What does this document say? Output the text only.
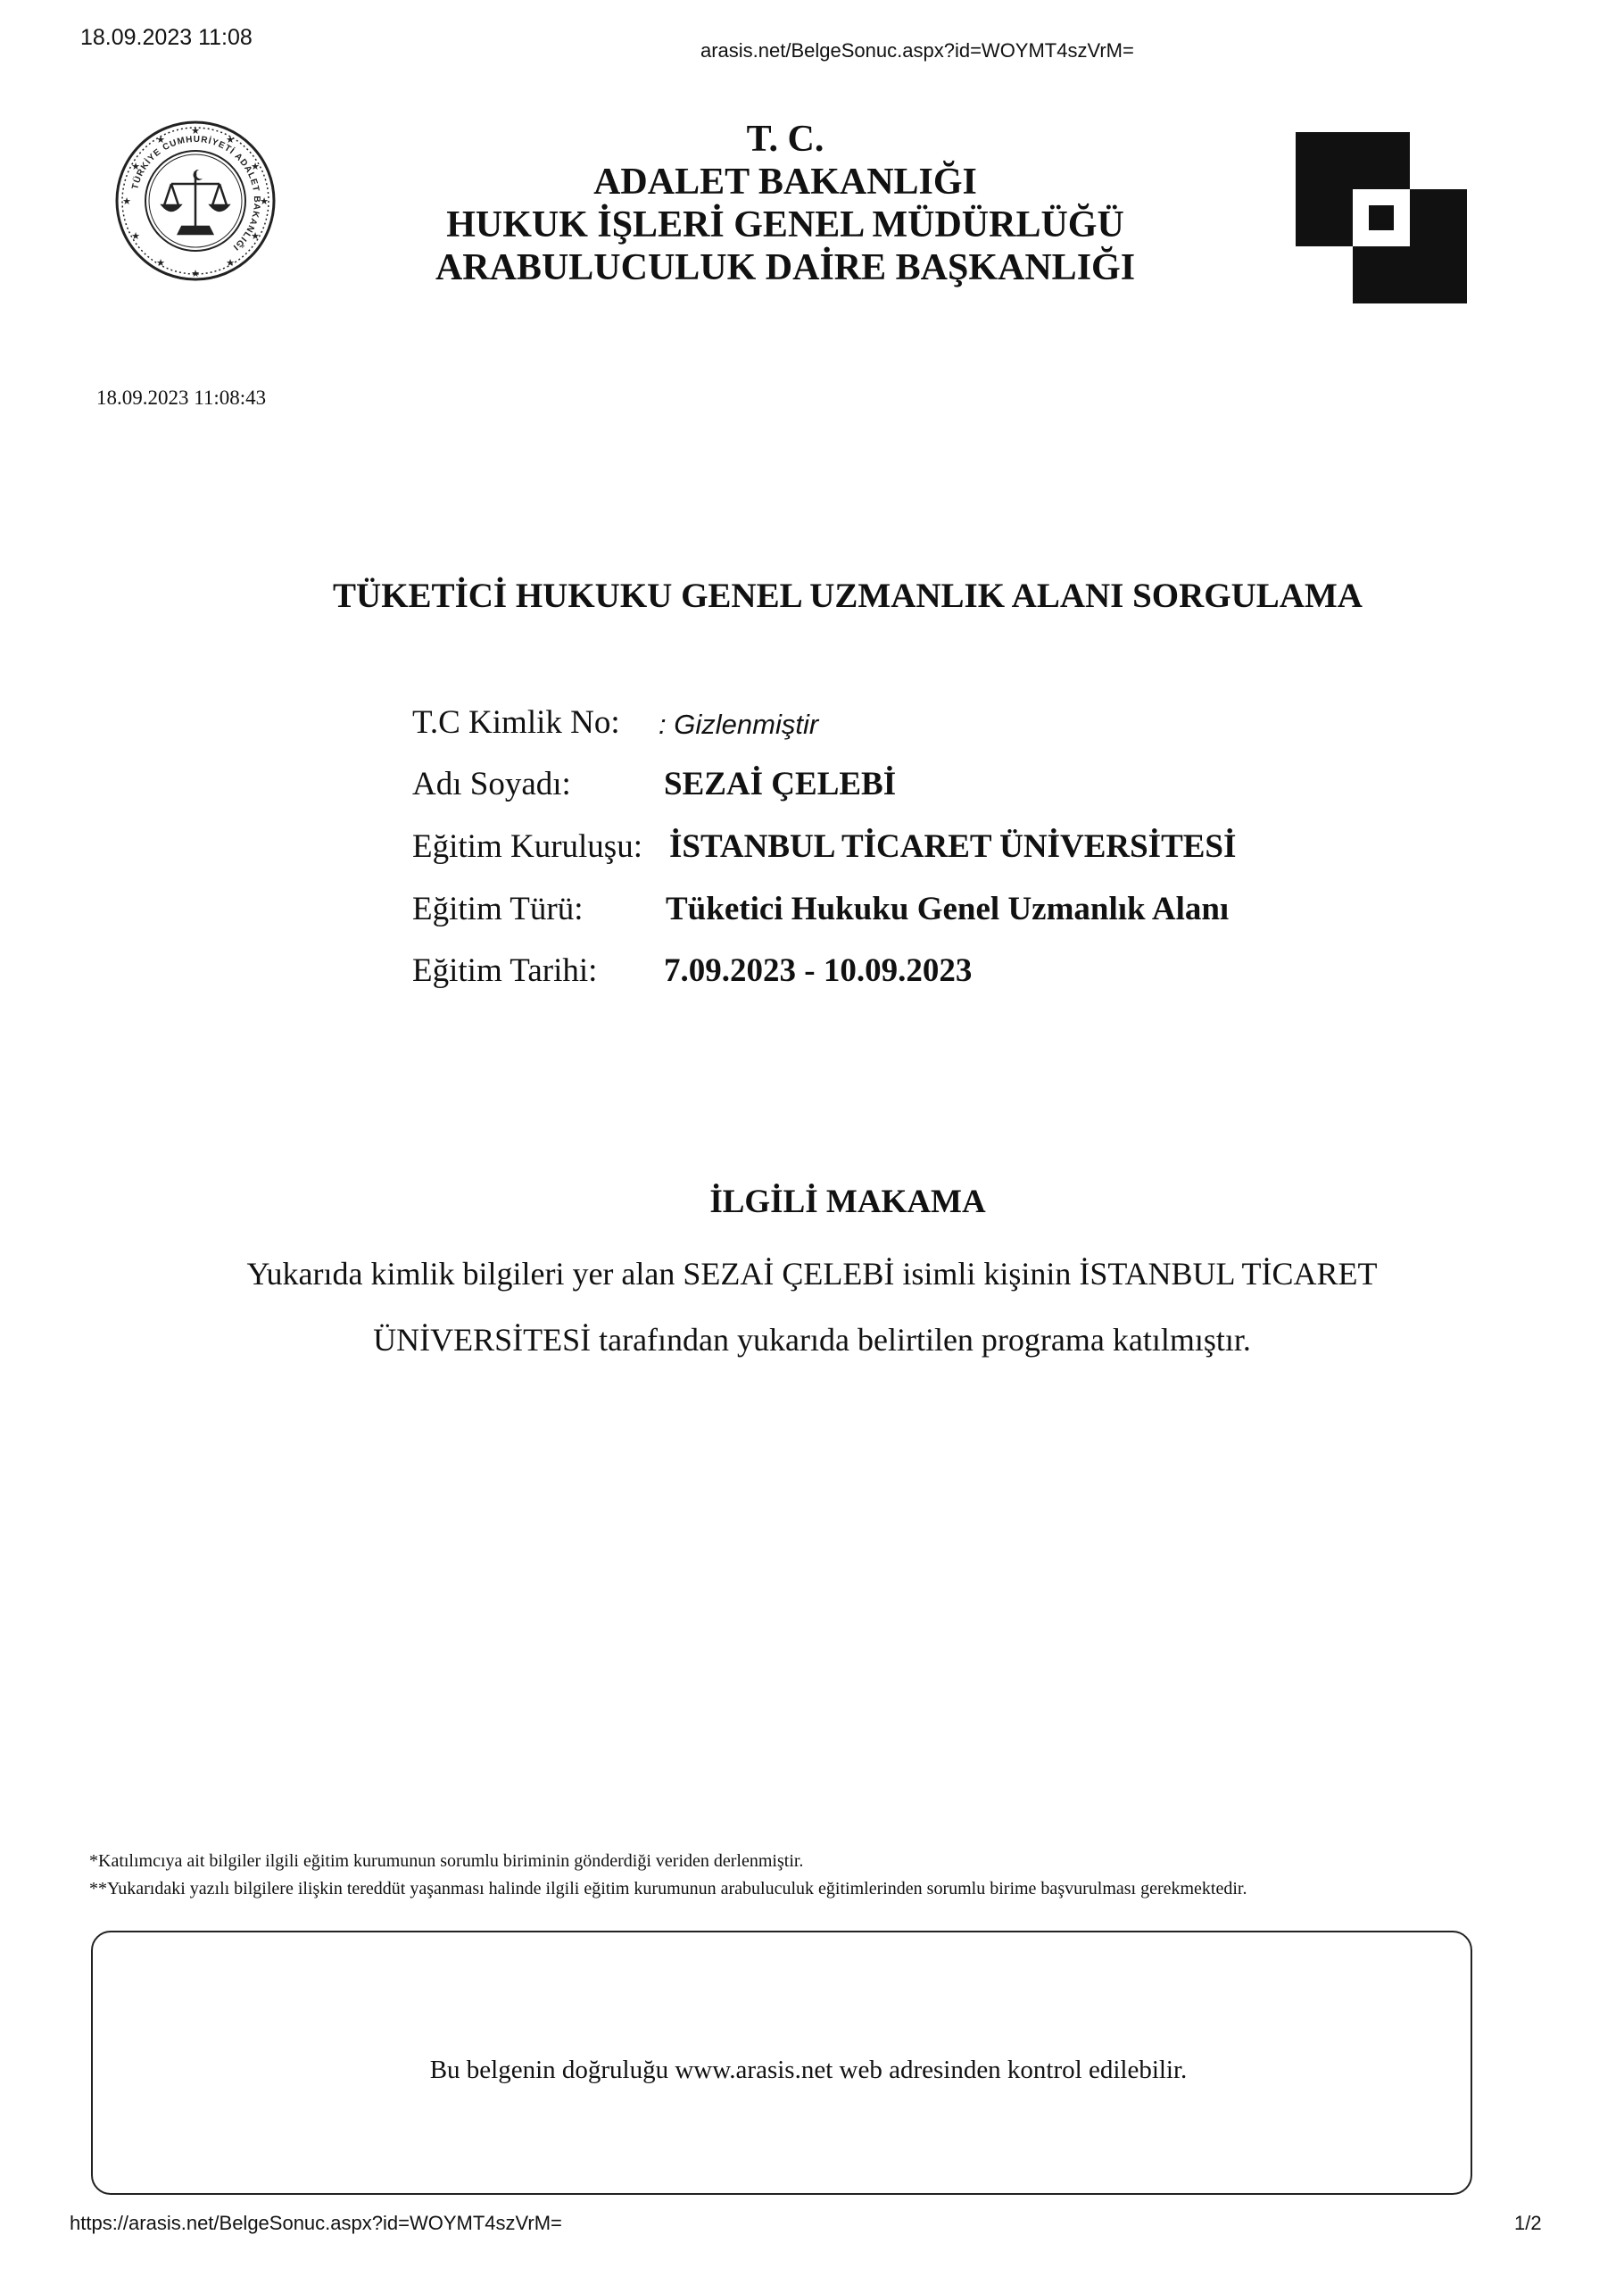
18.09.2023 11:08
arasis.net/BelgeSonuc.aspx?id=WOYMT4szVrM=
TÜRKİYE CUMHURİYETİ ADALET BAKANLIĞI
★
★
★
★
★
★
★
★
★
★
★
★	T. C.
ADALET BAKANLIĞI
HUKUK İŞLERİ GENEL MÜDÜRLÜĞÜ
ARABULUCULUK DAİRE BAŞKANLIĞI
18.09.2023 11:08:43
TÜKETİCİ HUKUKU GENEL UZMANLIK ALANI SORGULAMA
T.C Kimlik No: : Gizlenmiştir
Adı Soyadı:	SEZAİ ÇELEBİ
Eğitim Kuruluşu: İSTANBUL TİCARET ÜNİVERSİTESİ
Eğitim Türü: Tüketici Hukuku Genel Uzmanlık Alanı
Eğitim Tarihi: 7.09.2023 - 10.09.2023
İLGİLİ MAKAMA
Yukarıda kimlik bilgileri yer alan SEZAİ ÇELEBİ isimli kişinin İSTANBUL TİCARET
ÜNİVERSİTESİ tarafından yukarıda belirtilen programa katılmıştır.
*Katılımcıya ait bilgiler ilgili eğitim kurumunun sorumlu biriminin gönderdiği veriden derlenmiştir.
**Yukarıdaki yazılı bilgilere ilişkin tereddüt yaşanması halinde ilgili eğitim kurumunun arabuluculuk eğitimlerinden sorumlu birime başvurulması gerekmektedir.
Bu belgenin doğruluğu www.arasis.net web adresinden kontrol edilebilir.
https://arasis.net/BelgeSonuc.aspx?id=WOYMT4szVrM=	1/2
